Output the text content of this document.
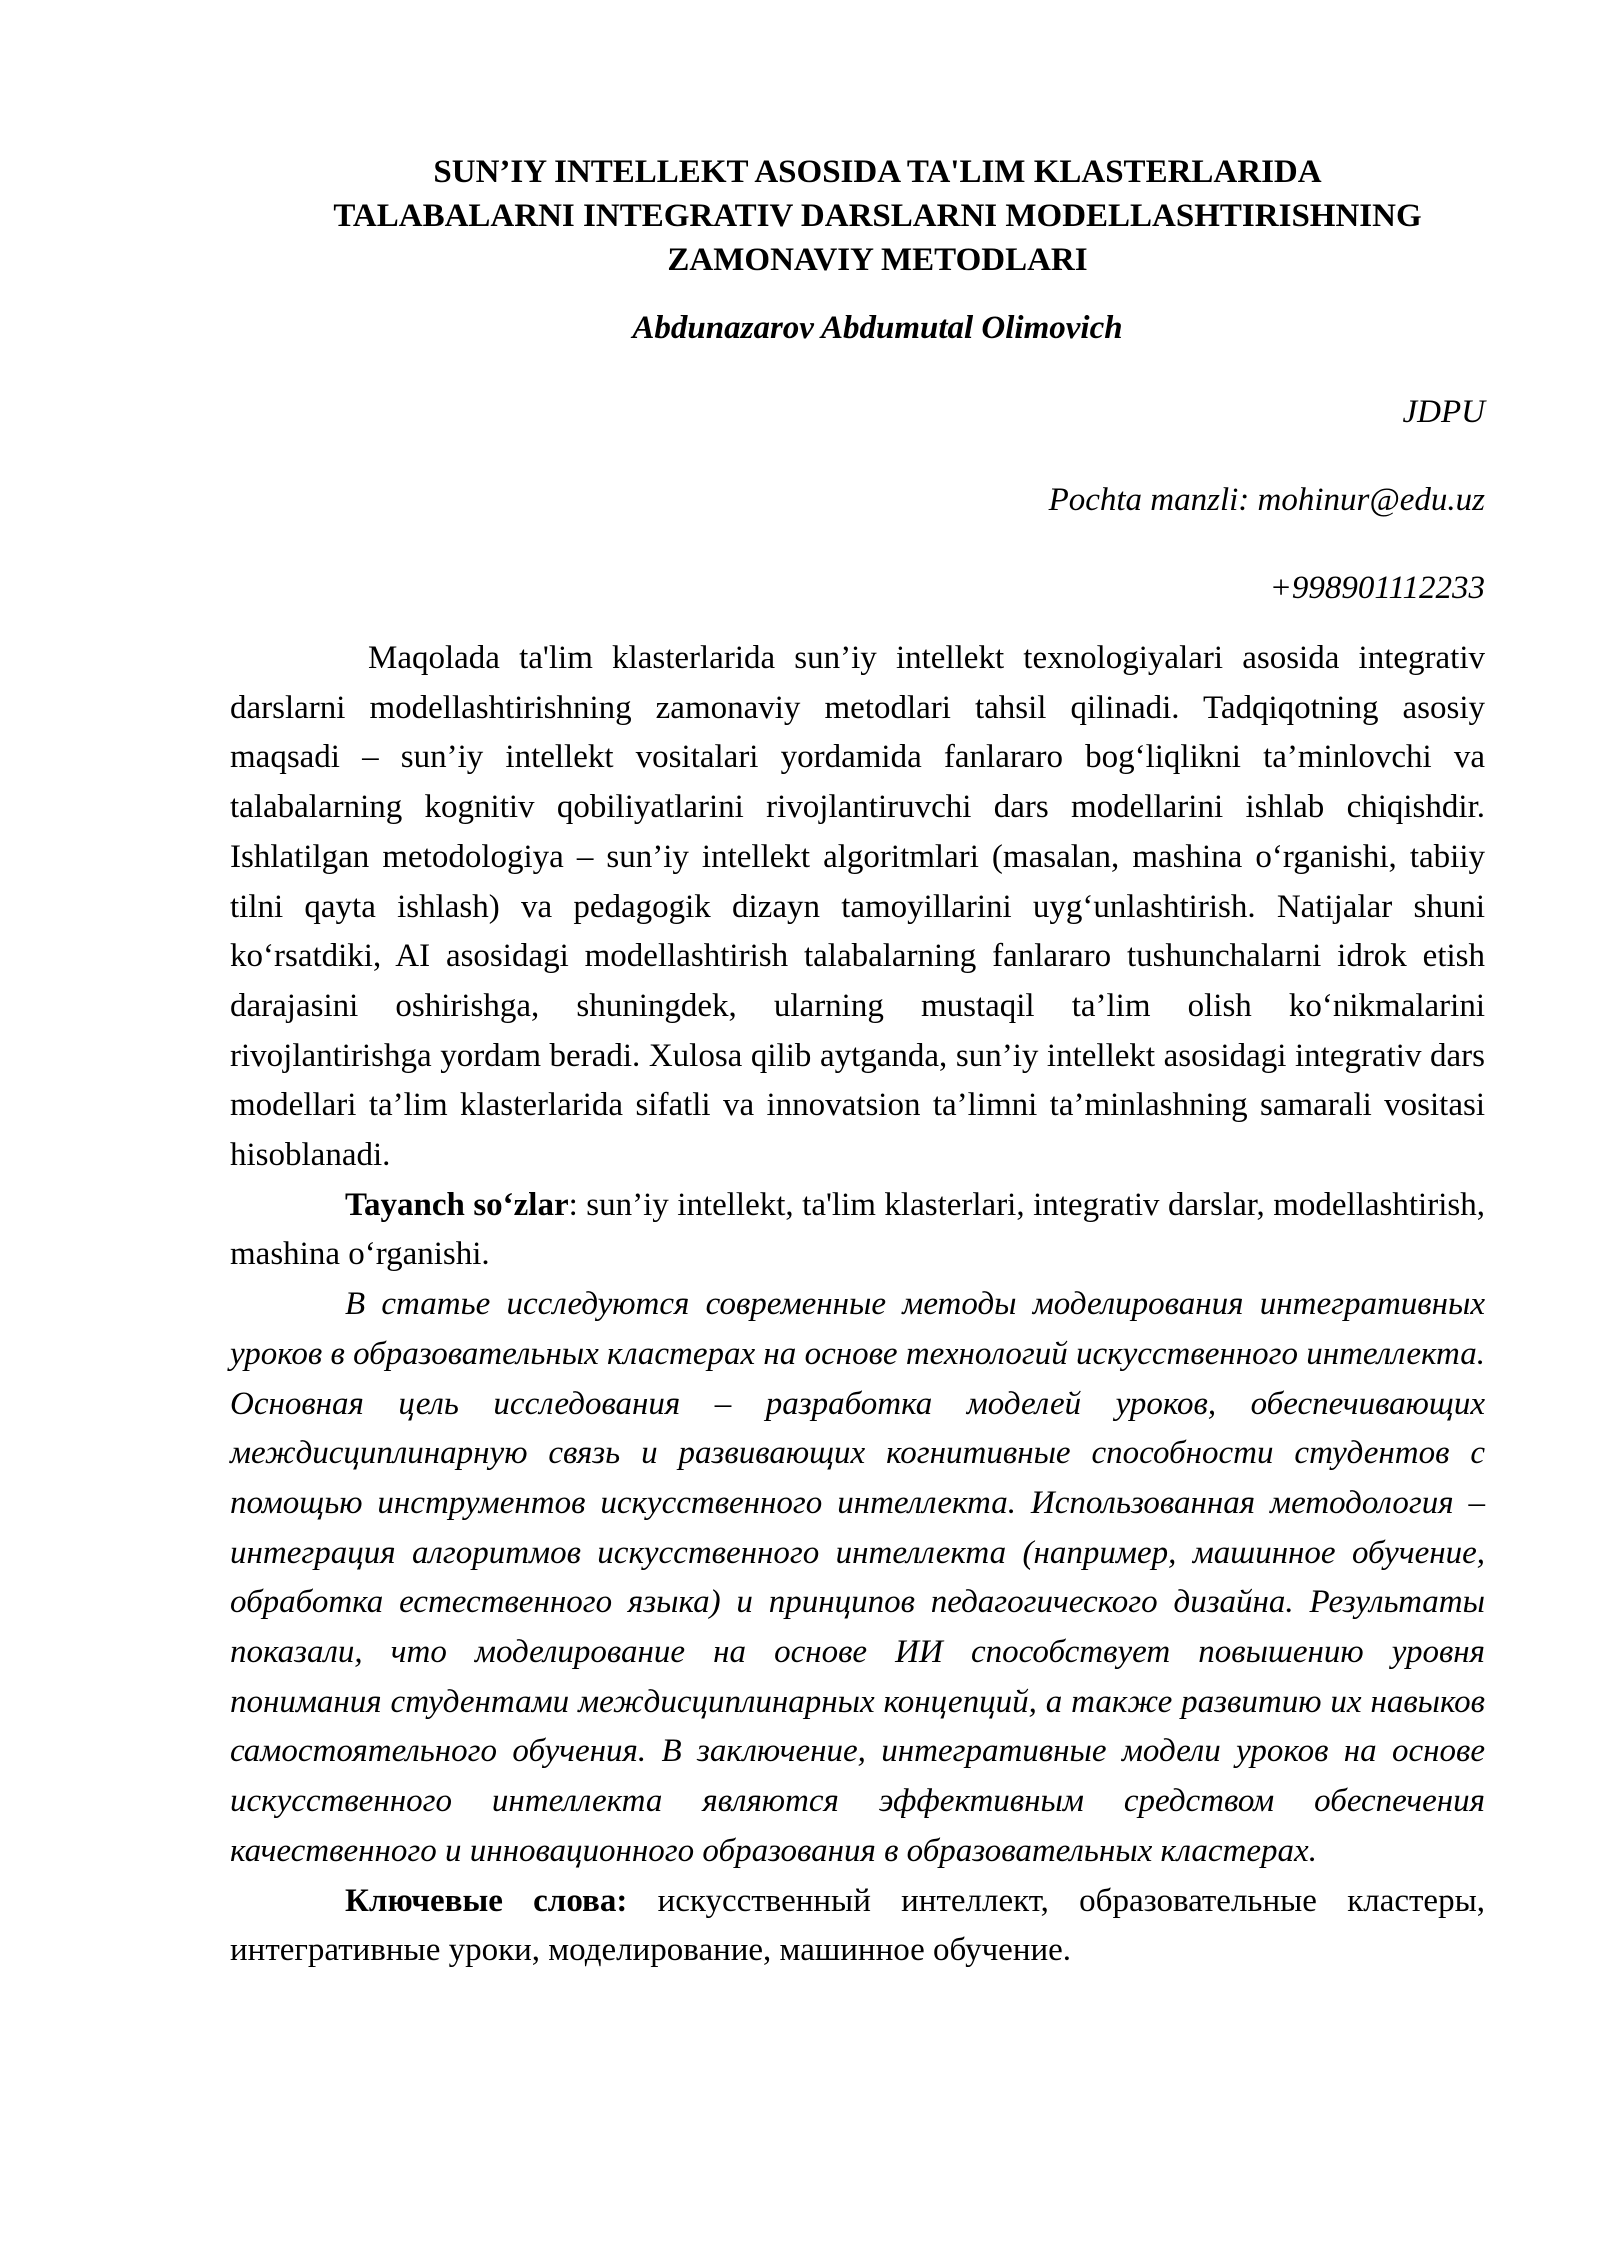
SUN’IY INTELLEKT ASOSIDA TA'LIM KLASTERLARIDA
TALABALARNI INTEGRATIV DARSLARNI MODELLASHTIRISHNING
ZAMONAVIY METODLARI
Abdunazarov Abdumutal Olimovich
JDPU
Pochta manzli: mohinur@edu.uz
+998901112233

Maqolada ta'lim klasterlarida sun’iy intellekt texnologiyalari asosida integrativ darslarni modellashtirishning zamonaviy metodlari tahsil qilinadi. Tadqiqotning asosiy maqsadi – sun’iy intellekt vositalari yordamida fanlararo bog‘liqlikni ta’minlovchi va talabalarning kognitiv qobiliyatlarini rivojlantiruvchi dars modellarini ishlab chiqishdir. Ishlatilgan metodologiya – sun’iy intellekt algoritmlari (masalan, mashina o‘rganishi, tabiiy tilni qayta ishlash) va pedagogik dizayn tamoyillarini uyg‘unlashtirish. Natijalar shuni ko‘rsatdiki, AI asosidagi modellashtirish talabalarning fanlararo tushunchalarni idrok etish darajasini oshirishga, shuningdek, ularning mustaqil ta’lim olish ko‘nikmalarini rivojlantirishga yordam beradi. Xulosa qilib aytganda, sun’iy intellekt asosidagi integrativ dars modellari ta’lim klasterlarida sifatli va innovatsion ta’limni ta’minlashning samarali vositasi hisoblanadi.

Tayanch so‘zlar: sun’iy intellekt, ta'lim klasterlari, integrativ darslar, modellashtirish, mashina o‘rganishi.

В статье исследуются современные методы моделирования интегративных уроков в образовательных кластерах на основе технологий искусственного интеллекта. Основная цель исследования – разработка моделей уроков, обеспечивающих междисциплинарную связь и развивающих когнитивные способности студентов с помощью инструментов искусственного интеллекта. Использованная методология – интеграция алгоритмов искусственного интеллекта (например, машинное обучение, обработка естественного языка) и принципов педагогического дизайна. Результаты показали, что моделирование на основе ИИ способствует повышению уровня понимания студентами междисциплинарных концепций, а также развитию их навыков самостоятельного обучения. В заключение, интегративные модели уроков на основе искусственного интеллекта являются эффективным средством обеспечения качественного и инновационного образования в образовательных кластерах.

Ключевые слова: искусственный интеллект, образовательные кластеры, интегративные уроки, моделирование, машинное обучение.
